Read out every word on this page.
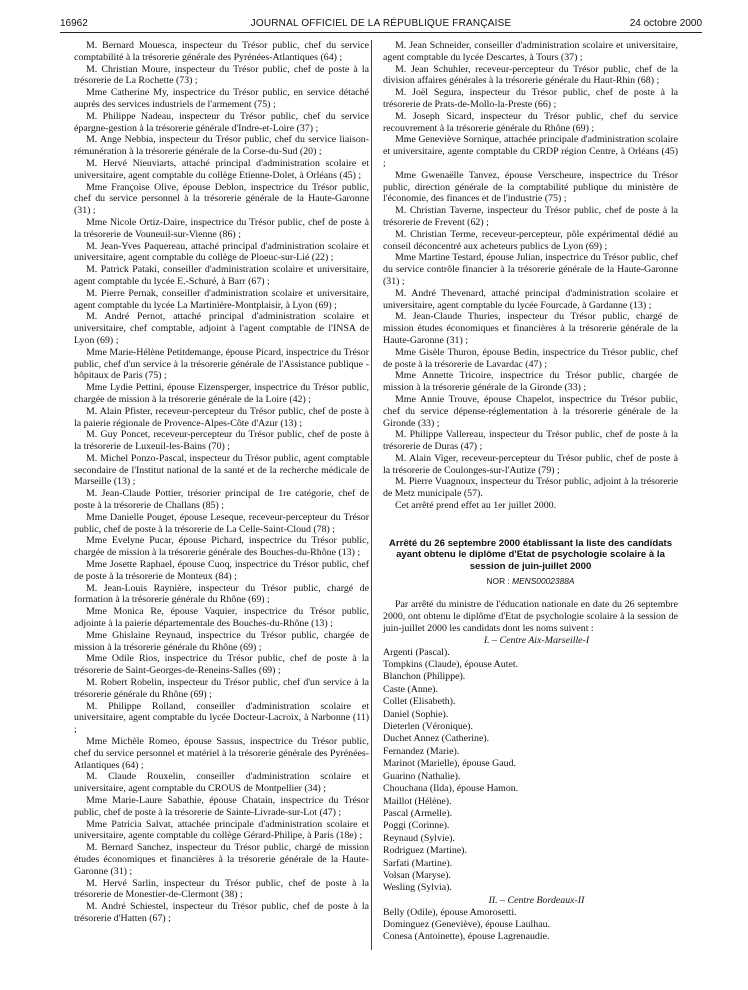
16962	JOURNAL OFFICIEL DE LA RÉPUBLIQUE FRANÇAISE	24 octobre 2000

M. Bernard Mouesca, inspecteur du Trésor public, chef du service comptabilité à la trésorerie générale des Pyrénées-Atlantiques (64) ;

M. Christian Moure, inspecteur du Trésor public, chef de poste à la trésorerie de La Rochette (73) ;

Mme Catherine My, inspectrice du Trésor public, en service détaché auprès des services industriels de l'armement (75) ;

M. Philippe Nadeau, inspecteur du Trésor public, chef du service épargne-gestion à la trésorerie générale d'Indre-et-Loire (37) ;

M. Ange Nebbia, inspecteur du Trésor public, chef du service liaison-rémunération à la trésorerie générale de la Corse-du-Sud (20) ;

M. Hervé Nieuviarts, attaché principal d'administration scolaire et universitaire, agent comptable du collège Etienne-Dolet, à Orléans (45) ;

Mme Françoise Olive, épouse Deblon, inspectrice du Trésor public, chef du service personnel à la trésorerie générale de la Haute-Garonne (31) ;

Mme Nicole Ortiz-Daire, inspectrice du Trésor public, chef de poste à la trésorerie de Vouneuil-sur-Vienne (86) ;

M. Jean-Yves Paquereau, attaché principal d'administration scolaire et universitaire, agent comptable du collège de Ploeuc-sur-Lié (22) ;

M. Patrick Pataki, conseiller d'administration scolaire et universitaire, agent comptable du lycée E.-Schuré, à Barr (67) ;

M. Pierre Pernak, conseiller d'administration scolaire et universitaire, agent comptable du lycée La Martinière-Montplaisir, à Lyon (69) ;

M. André Pernot, attaché principal d'administration scolaire et universitaire, chef comptable, adjoint à l'agent comptable de l'INSA de Lyon (69) ;

Mme Marie-Hélène Petitdemange, épouse Picard, inspectrice du Trésor public, chef d'un service à la trésorerie générale de l'Assistance publique - hôpitaux de Paris (75) ;

Mme Lydie Pettini, épouse Eizensperger, inspectrice du Trésor public, chargée de mission à la trésorerie générale de la Loire (42) ;

M. Alain Pfister, receveur-percepteur du Trésor public, chef de poste à la paierie régionale de Provence-Alpes-Côte d'Azur (13) ;

M. Guy Poncet, receveur-percepteur du Trésor public, chef de poste à la trésorerie de Luxeuil-les-Bains (70) ;

M. Michel Ponzo-Pascal, inspecteur du Trésor public, agent comptable secondaire de l'Institut national de la santé et de la recherche médicale de Marseille (13) ;

M. Jean-Claude Pottier, trésorier principal de 1re catégorie, chef de poste à la trésorerie de Challans (85) ;

Mme Danielle Pouget, épouse Leseque, receveur-percepteur du Trésor public, chef de poste à la trésorerie de La Celle-Saint-Cloud (78) ;

Mme Evelyne Pucar, épouse Pichard, inspectrice du Trésor public, chargée de mission à la trésorerie générale des Bouches-du-Rhône (13) ;

Mme Josette Raphael, épouse Cuoq, inspectrice du Trésor public, chef de poste à la trésorerie de Monteux (84) ;

M. Jean-Louis Raynière, inspecteur du Trésor public, chargé de formation à la trésorerie générale du Rhône (69) ;

Mme Monica Re, épouse Vaquier, inspectrice du Trésor public, adjointe à la paierie départementale des Bouches-du-Rhône (13) ;

Mme Ghislaine Reynaud, inspectrice du Trésor public, chargée de mission à la trésorerie générale du Rhône (69) ;

Mme Odile Rios, inspectrice du Trésor public, chef de poste à la trésorerie de Saint-Georges-de-Reneins-Salles (69) ;

M. Robert Robelin, inspecteur du Trésor public, chef d'un service à la trésorerie générale du Rhône (69) ;

M. Philippe Rolland, conseiller d'administration scolaire et universitaire, agent comptable du lycée Docteur-Lacroix, à Narbonne (11) ;

Mme Michèle Romeo, épouse Sassus, inspectrice du Trésor public, chef du service personnel et matériel à la trésorerie générale des Pyrénées-Atlantiques (64) ;

M. Claude Rouxelin, conseiller d'administration scolaire et universitaire, agent comptable du CROUS de Montpellier (34) ;

Mme Marie-Laure Sabathie, épouse Chatain, inspectrice du Trésor public, chef de poste à la trésorerie de Sainte-Livrade-sur-Lot (47) ;

Mme Patricia Salvat, attachée principale d'administration scolaire et universitaire, agente comptable du collège Gérard-Philipe, à Paris (18e) ;

M. Bernard Sanchez, inspecteur du Trésor public, chargé de mission études économiques et financières à la trésorerie générale de la Haute-Garonne (31) ;

M. Hervé Sarlin, inspecteur du Trésor public, chef de poste à la trésorerie de Monestier-de-Clermont (38) ;

M. André Schiestel, inspecteur du Trésor public, chef de poste à la trésorerie d'Hatten (67) ;

M. Jean Schneider, conseiller d'administration scolaire et universitaire, agent comptable du lycée Descartes, à Tours (37) ;

M. Jean Schuhler, receveur-percepteur du Trésor public, chef de la division affaires générales à la trésorerie générale du Haut-Rhin (68) ;

M. Joël Segura, inspecteur du Trésor public, chef de poste à la trésorerie de Prats-de-Mollo-la-Preste (66) ;

M. Joseph Sicard, inspecteur du Trésor public, chef du service recouvrement à la trésorerie générale du Rhône (69) ;

Mme Geneviève Sornique, attachée principale d'administration scolaire et universitaire, agente comptable du CRDP région Centre, à Orléans (45) ;

Mme Gwenaëlle Tanvez, épouse Verscheure, inspectrice du Trésor public, direction générale de la comptabilité publique du ministère de l'économie, des finances et de l'industrie (75) ;

M. Christian Taverne, inspecteur du Trésor public, chef de poste à la trésorerie de Frevent (62) ;

M. Christian Terme, receveur-percepteur, pôle expérimental dédié au conseil déconcentré aux acheteurs publics de Lyon (69) ;

Mme Martine Testard, épouse Julian, inspectrice du Trésor public, chef du service contrôle financier à la trésorerie générale de la Haute-Garonne (31) ;

M. André Thevenard, attaché principal d'administration scolaire et universitaire, agent comptable du lycée Fourcade, à Gardanne (13) ;

M. Jean-Claude Thuries, inspecteur du Trésor public, chargé de mission études économiques et financières à la trésorerie générale de la Haute-Garonne (31) ;

Mme Gisèle Thuron, épouse Bedin, inspectrice du Trésor public, chef de poste à la trésorerie de Lavardac (47) ;

Mme Annette Tricoire, inspectrice du Trésor public, chargée de mission à la trésorerie générale de la Gironde (33) ;

Mme Annie Trouve, épouse Chapelot, inspectrice du Trésor public, chef du service dépense-réglementation à la trésorerie générale de la Gironde (33) ;

M. Philippe Vallereau, inspecteur du Trésor public, chef de poste à la trésorerie de Duras (47) ;

M. Alain Viger, receveur-percepteur du Trésor public, chef de poste à la trésorerie de Coulonges-sur-l'Autize (79) ;

M. Pierre Vuagnoux, inspecteur du Trésor public, adjoint à la trésorerie de Metz municipale (57).

Cet arrêté prend effet au 1er juillet 2000.

Arrêté du 26 septembre 2000 établissant la liste des candidats ayant obtenu le diplôme d'Etat de psychologie scolaire à la session de juin-juillet 2000
NOR : MENS0002388A

Par arrêté du ministre de l'éducation nationale en date du 26 septembre 2000, ont obtenu le diplôme d'Etat de psychologie scolaire à la session de juin-juillet 2000 les candidats dont les noms suivent :

I. – Centre Aix-Marseille-I

Argenti (Pascal).

Tompkins (Claude), épouse Autet.

Blanchon (Philippe).

Caste (Anne).

Collet (Elisabeth).

Daniel (Sophie).

Dieterlen (Véronique).

Duchet Annez (Catherine).

Fernandez (Marie).

Marinot (Marielle), épouse Gaud.

Guarino (Nathalie).

Chouchana (Ilda), épouse Hamon.

Maillot (Hélène).

Pascal (Armelle).

Poggi (Corinne).

Reynaud (Sylvie).

Rodriguez (Martine).

Sarfati (Martine).

Volsan (Maryse).

Wesling (Sylvia).

II. – Centre Bordeaux-II

Belly (Odile), épouse Amorosetti.

Dominguez (Geneviève), épouse Laulhau.

Conesa (Antoinette), épouse Lagrenaudie.
